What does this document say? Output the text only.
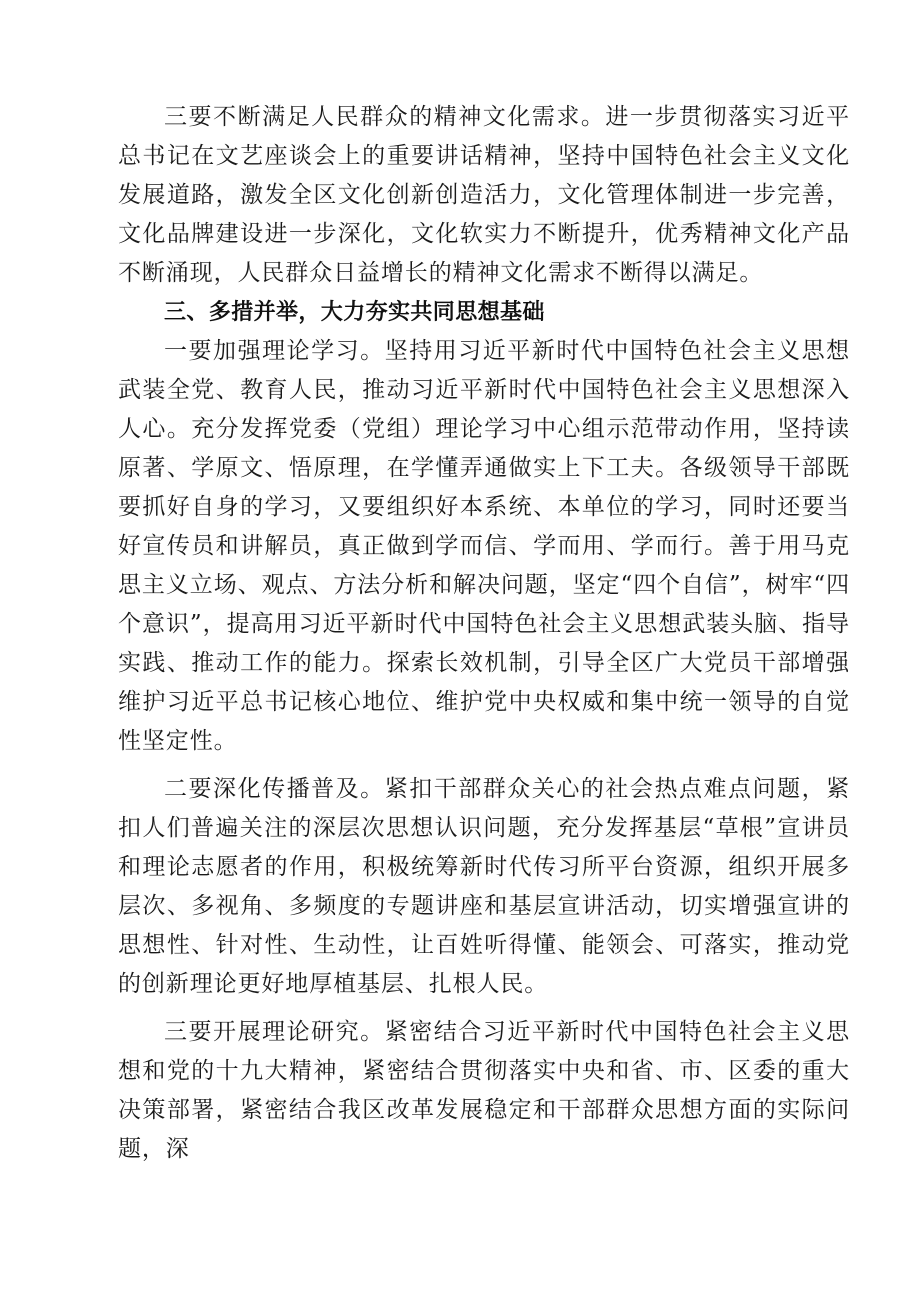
三要不断满足人民群众的精神文化需求。进一步贯彻落实习近平总书记在文艺座谈会上的重要讲话精神，坚持中国特色社会主义文化发展道路，激发全区文化创新创造活力，文化管理体制进一步完善，文化品牌建设进一步深化，文化软实力不断提升，优秀精神文化产品不断涌现，人民群众日益增长的精神文化需求不断得以满足。

三、多措并举，大力夯实共同思想基础

一要加强理论学习。坚持用习近平新时代中国特色社会主义思想武装全党、教育人民，推动习近平新时代中国特色社会主义思想深入人心。充分发挥党委（党组）理论学习中心组示范带动作用，坚持读原著、学原文、悟原理，在学懂弄通做实上下工夫。各级领导干部既要抓好自身的学习，又要组织好本系统、本单位的学习，同时还要当好宣传员和讲解员，真正做到学而信、学而用、学而行。善于用马克思主义立场、观点、方法分析和解决问题，坚定“四个自信”，树牢“四个意识”，提高用习近平新时代中国特色社会主义思想武装头脑、指导实践、推动工作的能力。探索长效机制，引导全区广大党员干部增强维护习近平总书记核心地位、维护党中央权威和集中统一领导的自觉性坚定性。

二要深化传播普及。紧扣干部群众关心的社会热点难点问题，紧扣人们普遍关注的深层次思想认识问题，充分发挥基层“草根”宣讲员和理论志愿者的作用，积极统筹新时代传习所平台资源，组织开展多层次、多视角、多频度的专题讲座和基层宣讲活动，切实增强宣讲的思想性、针对性、生动性，让百姓听得懂、能领会、可落实，推动党的创新理论更好地厚植基层、扎根人民。

三要开展理论研究。紧密结合习近平新时代中国特色社会主义思想和党的十九大精神，紧密结合贯彻落实中央和省、市、区委的重大决策部署，紧密结合我区改革发展稳定和干部群众思想方面的实际问题，深
